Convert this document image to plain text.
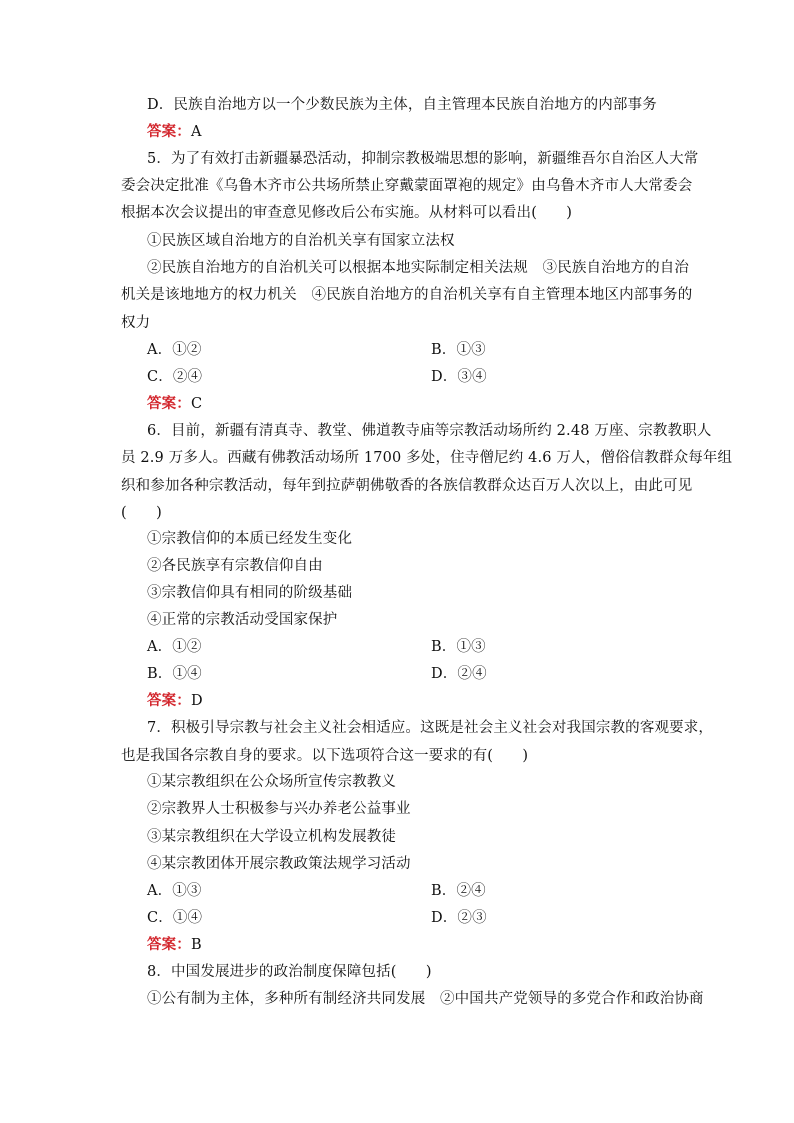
D．民族自治地方以一个少数民族为主体，自主管理本民族自治地方的内部事务
答案：A
5．为了有效打击新疆暴恐活动，抑制宗教极端思想的影响，新疆维吾尔自治区人大常
委会决定批准《乌鲁木齐市公共场所禁止穿戴蒙面罩袍的规定》由乌鲁木齐市人大常委会
根据本次会议提出的审查意见修改后公布实施。从材料可以看出(　　)
①民族区域自治地方的自治机关享有国家立法权
②民族自治地方的自治机关可以根据本地实际制定相关法规　③民族自治地方的自治
机关是该地地方的权力机关　④民族自治地方的自治机关享有自主管理本地区内部事务的
权力
A．①②	B．①③
C．②④	D．③④
答案：C
6．目前，新疆有清真寺、教堂、佛道教寺庙等宗教活动场所约 2.48 万座、宗教教职人
员 2.9 万多人。西藏有佛教活动场所 1700 多处，住寺僧尼约 4.6 万人，僧俗信教群众每年组
织和参加各种宗教活动，每年到拉萨朝佛敬香的各族信教群众达百万人次以上，由此可见
(　　)
①宗教信仰的本质已经发生变化
②各民族享有宗教信仰自由
③宗教信仰具有相同的阶级基础
④正常的宗教活动受国家保护
A．①②	B．①③
B．①④	D．②④
答案：D
7．积极引导宗教与社会主义社会相适应。这既是社会主义社会对我国宗教的客观要求，
也是我国各宗教自身的要求。以下选项符合这一要求的有(　　)
①某宗教组织在公众场所宣传宗教教义
②宗教界人士积极参与兴办养老公益事业
③某宗教组织在大学设立机构发展教徒
④某宗教团体开展宗教政策法规学习活动
A．①③	B．②④
C．①④	D．②③
答案：B
8．中国发展进步的政治制度保障包括(　　)
①公有制为主体，多种所有制经济共同发展　②中国共产党领导的多党合作和政治协商
